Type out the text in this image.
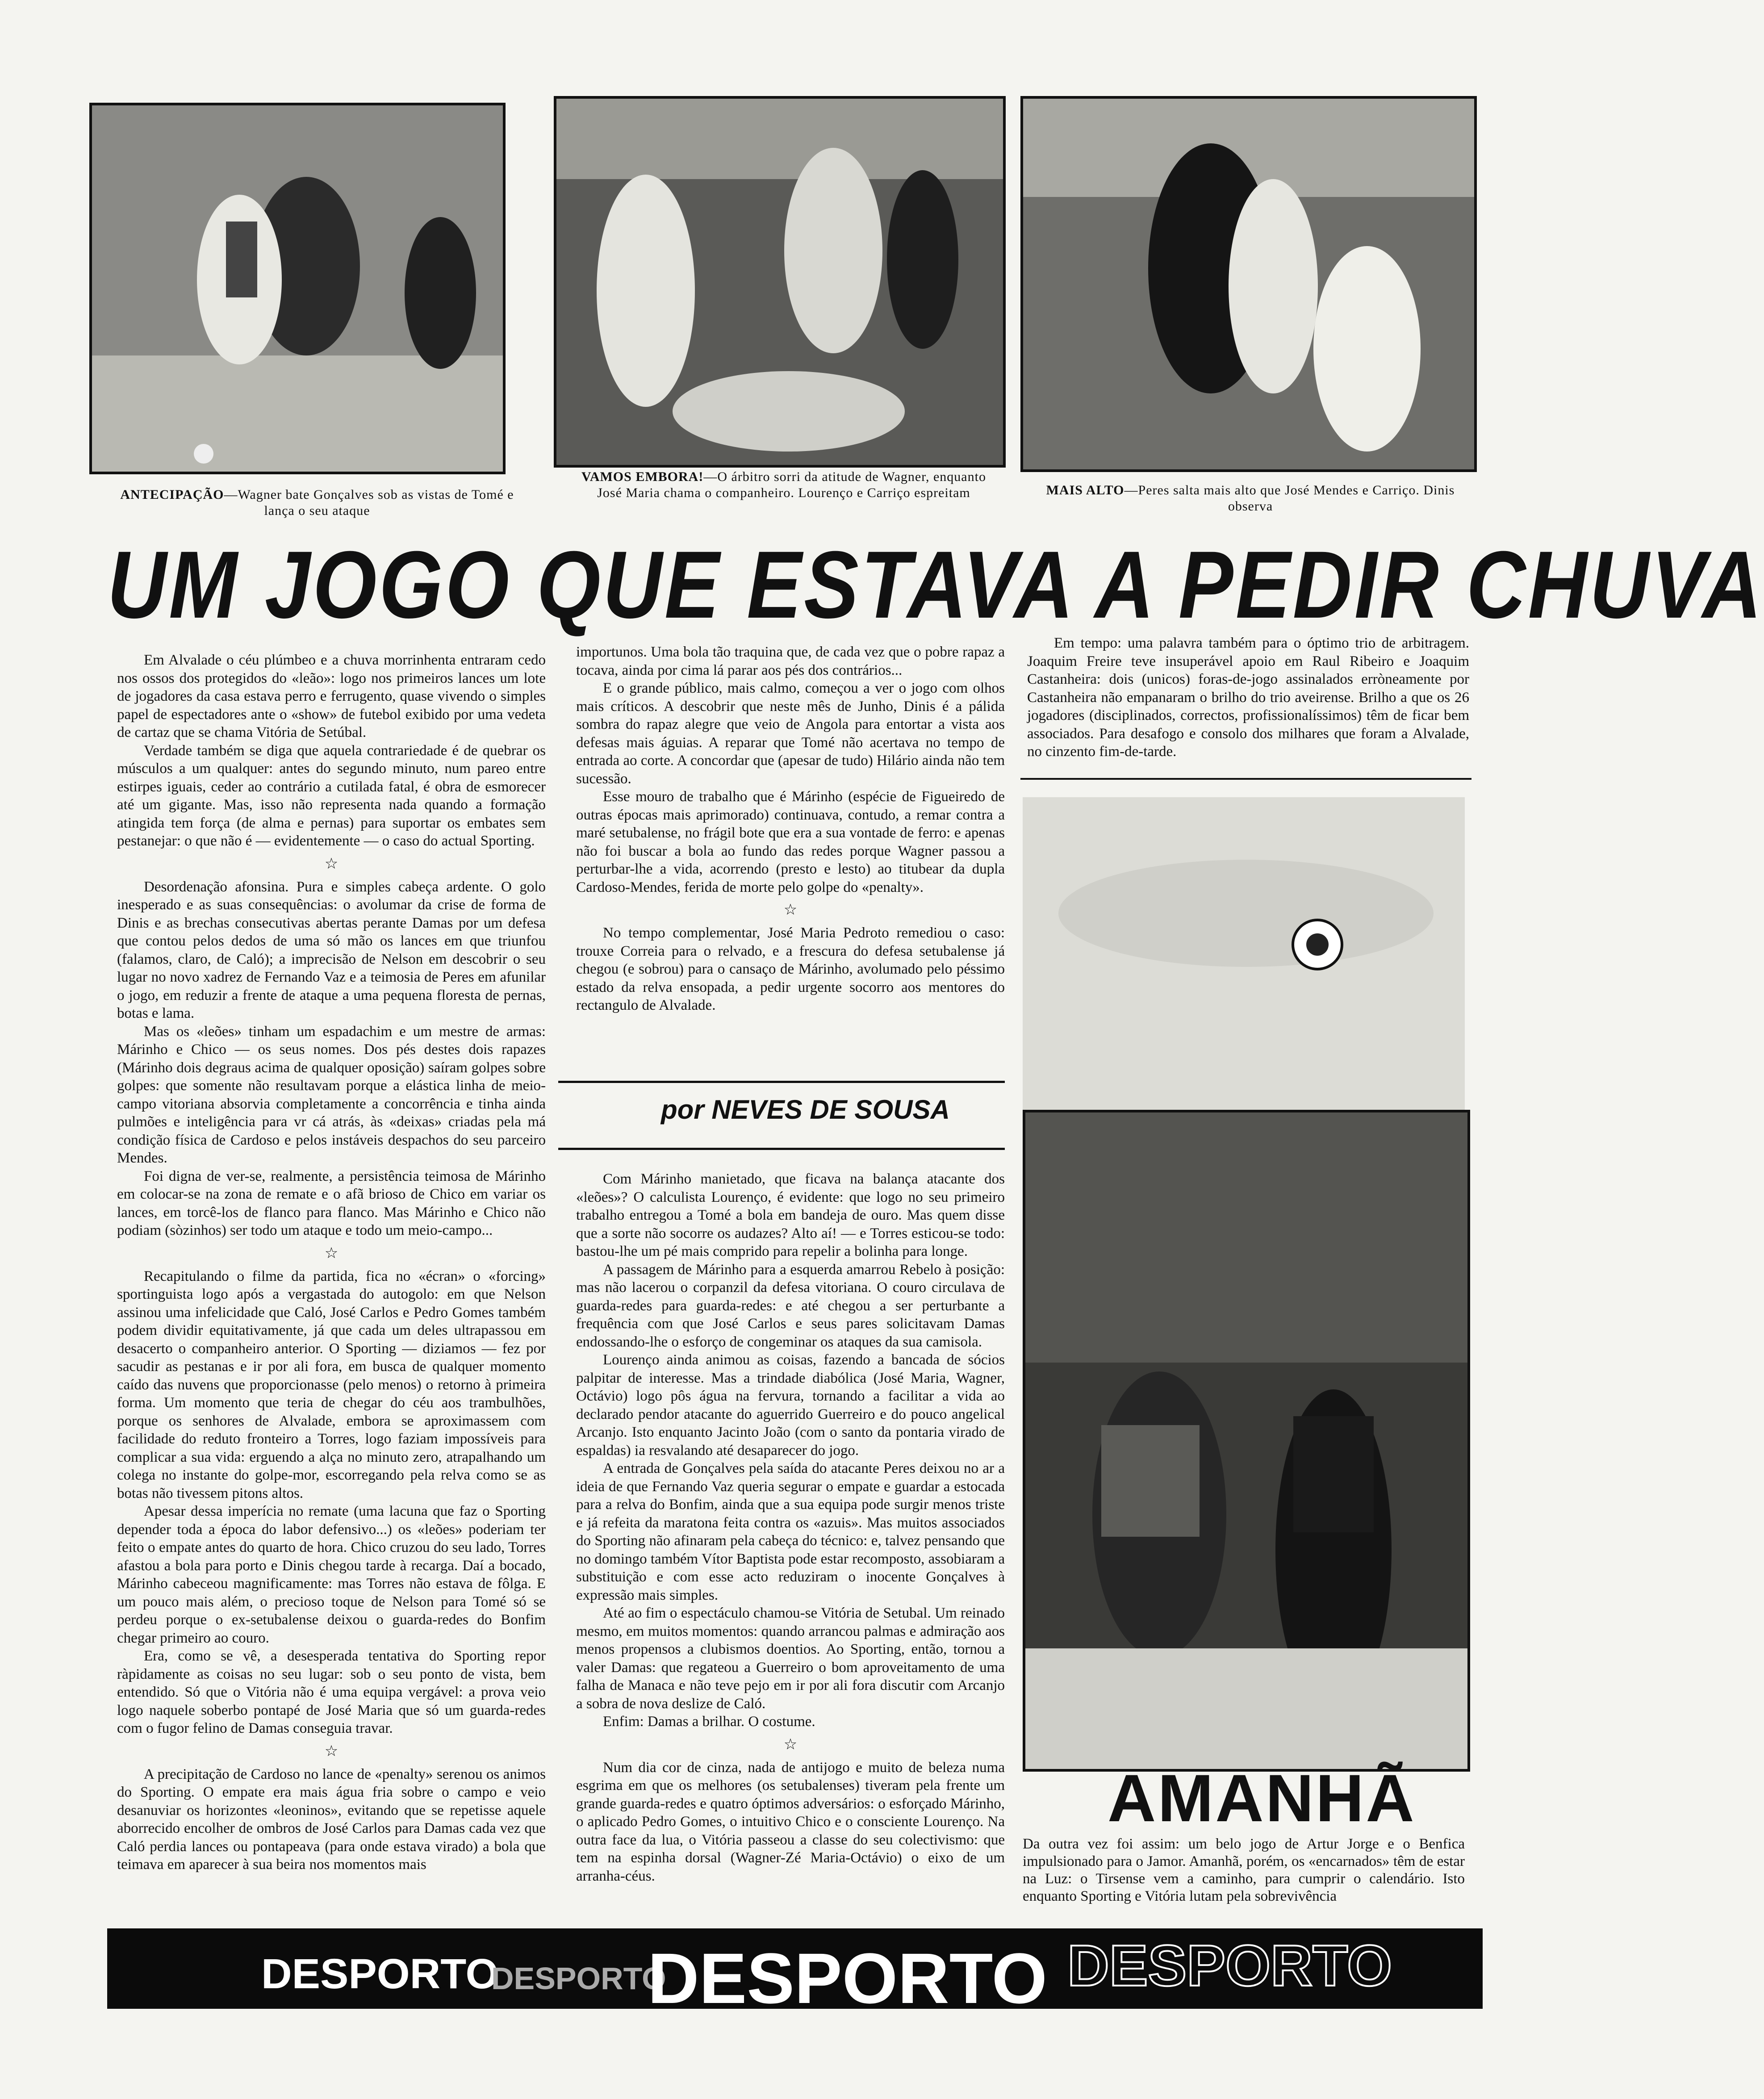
ANTECIPAÇÃO—Wagner bate Gonçalves sob as vistas de Tomé e lança o seu ataque
VAMOS EMBORA!—O árbitro sorri da atitude de Wagner, enquanto José Maria chama o companheiro. Lourenço e Carriço espreitam	MAIS ALTO—Peres salta mais alto que José Mendes e Carriço. Dinis observa
UM JOGO QUE ESTAVA A PEDIR CHUVA

Em Alvalade o céu plúmbeo e a chuva morrinhenta entraram cedo nos ossos dos protegidos do «leão»: logo nos primeiros lances um lote de jogadores da casa estava perro e ferrugento, quase vivendo o simples papel de espectadores ante o «show» de futebol exibido por uma vedeta de cartaz que se chama Vitória de Setúbal.

Verdade também se diga que aquela contrariedade é de quebrar os músculos a um qualquer: antes do segundo minuto, num pareo entre estirpes iguais, ceder ao contrário a cutilada fatal, é obra de esmorecer até um gigante. Mas, isso não representa nada quando a formação atingida tem força (de alma e pernas) para suportar os embates sem pestanejar: o que não é — evidentemente — o caso do actual Sporting.

☆

Desordenação afonsina. Pura e simples cabeça ardente. O golo inesperado e as suas consequências: o avolumar da crise de forma de Dinis e as brechas consecutivas abertas perante Damas por um defesa que contou pelos dedos de uma só mão os lances em que triunfou (falamos, claro, de Caló); a imprecisão de Nelson em descobrir o seu lugar no novo xadrez de Fernando Vaz e a teimosia de Peres em afunilar o jogo, em reduzir a frente de ataque a uma pequena floresta de pernas, botas e lama.

Mas os «leões» tinham um espadachim e um mestre de armas: Márinho e Chico — os seus nomes. Dos pés destes dois rapazes (Márinho dois degraus acima de qualquer oposição) saíram golpes sobre golpes: que somente não resultavam porque a elástica linha de meio-campo vitoriana absorvia completamente a concorrência e tinha ainda pulmões e inteligência para vr cá atrás, às «deixas» criadas pela má condição física de Cardoso e pelos instáveis despachos do seu parceiro Mendes.

Foi digna de ver-se, realmente, a persistência teimosa de Márinho em colocar-se na zona de remate e o afã brioso de Chico em variar os lances, em torcê-los de flanco para flanco. Mas Márinho e Chico não podiam (sòzinhos) ser todo um ataque e todo um meio-campo...

☆

Recapitulando o filme da partida, fica no «écran» o «forcing» sportinguista logo após a vergastada do autogolo: em que Nelson assinou uma infelicidade que Caló, José Carlos e Pedro Gomes também podem dividir equitativamente, já que cada um deles ultrapassou em desacerto o companheiro anterior. O Sporting — diziamos — fez por sacudir as pestanas e ir por ali fora, em busca de qualquer momento caído das nuvens que proporcionasse (pelo menos) o retorno à primeira forma. Um momento que teria de chegar do céu aos trambulhões, porque os senhores de Alvalade, embora se aproximassem com facilidade do reduto fronteiro a Torres, logo faziam impossíveis para complicar a sua vida: erguendo a alça no minuto zero, atrapalhando um colega no instante do golpe-mor, escorregando pela relva como se as botas não tivessem pitons altos.

Apesar dessa imperícia no remate (uma lacuna que faz o Sporting depender toda a época do labor defensivo...) os «leões» poderiam ter feito o empate antes do quarto de hora. Chico cruzou do seu lado, Torres afastou a bola para porto e Dinis chegou tarde à recarga. Daí a bocado, Márinho cabeceou magnificamente: mas Torres não estava de fôlga. E um pouco mais além, o precioso toque de Nelson para Tomé só se perdeu porque o ex-setubalense deixou o guarda-redes do Bonfim chegar primeiro ao couro.

Era, como se vê, a desesperada tentativa do Sporting repor ràpidamente as coisas no seu lugar: sob o seu ponto de vista, bem entendido. Só que o Vitória não é uma equipa vergável: a prova veio logo naquele soberbo pontapé de José Maria que só um guarda-redes com o fugor felino de Damas conseguia travar.

☆

A precipitação de Cardoso no lance de «penalty» serenou os animos do Sporting. O empate era mais água fria sobre o campo e veio desanuviar os horizontes «leoninos», evitando que se repetisse aquele aborrecido encolher de ombros de José Carlos para Damas cada vez que Caló perdia lances ou pontapeava (para onde estava virado) a bola que teimava em aparecer à sua beira nos momentos mais

importunos. Uma bola tão traquina que, de cada vez que o pobre rapaz a tocava, ainda por cima lá parar aos pés dos contrários...

E o grande público, mais calmo, começou a ver o jogo com olhos mais críticos. A descobrir que neste mês de Junho, Dinis é a pálida sombra do rapaz alegre que veio de Angola para entortar a vista aos defesas mais águias. A reparar que Tomé não acertava no tempo de entrada ao corte. A concordar que (apesar de tudo) Hilário ainda não tem sucessão.

Esse mouro de trabalho que é Márinho (espécie de Figueiredo de outras épocas mais aprimorado) continuava, contudo, a remar contra a maré setubalense, no frágil bote que era a sua vontade de ferro: e apenas não foi buscar a bola ao fundo das redes porque Wagner passou a perturbar-lhe a vida, acorrendo (presto e lesto) ao titubear da dupla Cardoso-Mendes, ferida de morte pelo golpe do «penalty».

☆

No tempo complementar, José Maria Pedroto remediou o caso: trouxe Correia para o relvado, e a frescura do defesa setubalense já chegou (e sobrou) para o cansaço de Márinho, avolumado pelo péssimo estado da relva ensopada, a pedir urgente socorro aos mentores do rectangulo de Alvalade.

por NEVES DE SOUSA

Com Márinho manietado, que ficava na balança atacante dos «leões»? O calculista Lourenço, é evidente: que logo no seu primeiro trabalho entregou a Tomé a bola em bandeja de ouro. Mas quem disse que a sorte não socorre os audazes? Alto aí! — e Torres esticou-se todo: bastou-lhe um pé mais comprido para repelir a bolinha para longe.

A passagem de Márinho para a esquerda amarrou Rebelo à posição: mas não lacerou o corpanzil da defesa vitoriana. O couro circulava de guarda-redes para guarda-redes: e até chegou a ser perturbante a frequência com que José Carlos e seus pares solicitavam Damas endossando-lhe o esforço de congeminar os ataques da sua camisola.

Lourenço ainda animou as coisas, fazendo a bancada de sócios palpitar de interesse. Mas a trindade diabólica (José Maria, Wagner, Octávio) logo pôs água na fervura, tornando a facilitar a vida ao declarado pendor atacante do aguerrido Guerreiro e do pouco angelical Arcanjo. Isto enquanto Jacinto João (com o santo da pontaria virado de espaldas) ia resvalando até desaparecer do jogo.

A entrada de Gonçalves pela saída do atacante Peres deixou no ar a ideia de que Fernando Vaz queria segurar o empate e guardar a estocada para a relva do Bonfim, ainda que a sua equipa pode surgir menos triste e já refeita da maratona feita contra os «azuis». Mas muitos associados do Sporting não afinaram pela cabeça do técnico: e, talvez pensando que no domingo também Vítor Baptista pode estar recomposto, assobiaram a substituição e com esse acto reduziram o inocente Gonçalves à expressão mais simples.

Até ao fim o espectáculo chamou-se Vitória de Setubal. Um reinado mesmo, em muitos momentos: quando arrancou palmas e admiração aos menos propensos a clubismos doentios. Ao Sporting, então, tornou a valer Damas: que regateou a Guerreiro o bom aproveitamento de uma falha de Manaca e não teve pejo em ir por ali fora discutir com Arcanjo a sobra de nova deslize de Caló.

Enfim: Damas a brilhar. O costume.

☆

Num dia cor de cinza, nada de antijogo e muito de beleza numa esgrima em que os melhores (os setubalenses) tiveram pela frente um grande guarda-redes e quatro óptimos adversários: o esforçado Márinho, o aplicado Pedro Gomes, o intuitivo Chico e o consciente Lourenço. Na outra face da lua, o Vitória passeou a classe do seu colectivismo: que tem na espinha dorsal (Wagner-Zé Maria-Octávio) o eixo de um arranha-céus.

Em tempo: uma palavra também para o óptimo trio de arbitragem. Joaquim Freire teve insuperável apoio em Raul Ribeiro e Joaquim Castanheira: dois (unicos) foras-de-jogo assinalados erròneamente por Castanheira não empanaram o brilho do trio aveirense. Brilho a que os 26 jogadores (disciplinados, correctos, profissionalíssimos) têm de ficar bem associados. Para desafogo e consolo dos milhares que foram a Alvalade, no cinzento fim-de-tarde.

AMANHÃ
Da outra vez foi assim: um belo jogo de Artur Jorge e o Benfica impulsionado para o Jamor. Amanhã, porém, os «encarnados» têm de estar na Luz: o Tirsense vem a caminho, para cumprir o calendário. Isto enquanto Sporting e Vitória lutam pela sobrevivência
DESPORTO
DESPORTO
DESPORTO DESPORTO
